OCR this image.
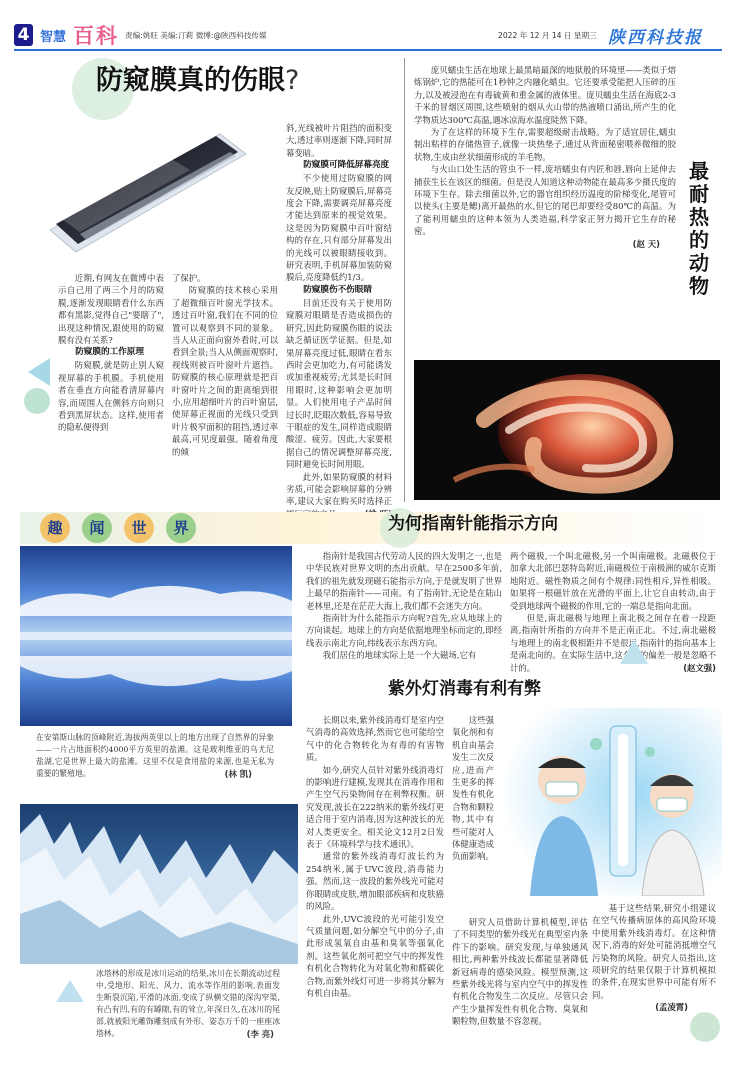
4 智慧 百科 责编:姚旺 美编:汀莉 微博:@陕西科技传媒	2022 年 12 月 14 日 星期三 陕西科技报
防窥膜真的伤眼?

近期,有网友在微博中表示自己用了两三个月的防窥膜,逐渐发现眼睛看什么东西都有黑影,觉得自己"要瞎了",出现这种情况,跟使用的防窥膜有没有关系?

防窥膜的工作原理

防窥膜,就是防止别人窥视屏幕的手机膜。手机使用者在垂直方向能看清屏幕内容,而周围人在侧斜方向则只看到黑屏状态。这样,使用者的隐私便得到

了保护。

防窥膜的技术核心采用了超微细百叶窗光学技术。透过百叶窗,我们在不同的位置可以观察到不同的景象。当人从正面向窗外看时,可以看到全景;当人从侧面观察时,视线则被百叶窗叶片遮挡。防窥膜的核心原理就是把百叶窗叶片之间的距离缩到很小,应用超细叶片的百叶窗层,使屏幕正视面的光线只受到叶片极窄面积的阻挡,透过率最高,可见度最强。随着角度的倾

斜,光线被叶片阻挡的面积变大,透过率则逐渐下降,同时屏幕变暗。
防窥膜可降低屏幕亮度

不少使用过防窥膜的网友反映,贴上防窥膜后,屏幕亮度会下降,需要调亮屏幕亮度才能达到原来的视觉效果。这是因为防窥膜中百叶窗结构的存在,只有部分屏幕发出的光线可以被眼睛接收到。研究表明,手机屏幕加装防窥膜后,亮度降低约1/3。

防窥膜伤不伤眼睛

目前还没有关于使用防窥膜对眼睛是否造成损伤的研究,因此防窥膜伤眼的说法缺乏循证医学证据。但是,如果屏幕亮度过低,眼睛在看东西时会更加吃力,有可能诱发或加重视疲劳;尤其是长时间用眼时,这种影响会更加明显。人们使用电子产品时间过长时,眨眼次数低,容易导致干眼症的发生,同样造成眼睛酸涩、疲劳。因此,大家要根据自己的情况调整屏幕亮度,同时避免长时间用眼。

此外,如果防窥膜的材料劣质,可能会影响屏幕的分辨率,建议大家在购买时选择正

庞贝蠕虫生活在地球上最黑暗最深的地狱般的环境里——类似于熔炼锅炉,它的热能可在1秒钟之内融化蜡虫。它还要承受能把人压碎的压力,以及被浸泡在有毒硫黄和重金属的液体里。庞贝蠕虫生活在海底2-3千米的冒烟区周围,这些喷射的烟从火山带的热液喷口涌出,所产生的化学物质达300℃高温,遇冰凉海水温度陡然下降。

为了在这样的环境下生存,需要超级耐击战略。为了适宜居住,蠕虫制出粘样的存储热管子,就像一块热垫子,通过从背面秘密喂养微细的胶状物,生成由丝状细菌形成的羊毛物。

与火山口处生活的管虫不一样,庞培蠕虫有内匠和唇,唇向上延伸去捕获生长在该区的细菌。但是没人知道这种动物能在最高多少摄氏度的环境下生存。除去细菌以外,它的器官组织经历温度的阶梯变化,尾管可以使头(主要是鳃)离开最热的水,但它的尾巴却要经受80℃的高温。为了能利用蠕虫的这种本领为人类造福,科学家正努力揭开它生存的秘密。

(赵 天)
最耐热的动物
趣	闻	世	界
在安第斯山脉的顶峰附近,海拔两英里以上的地方出现了自然界的异象——一片占地面积约4000平方英里的盐滩。这是玻利维亚的乌尤尼盐湖,它是世界上最大的盐滩。这里不仅是食用盐的来源,也是无私为重要的繁殖地。	(林 凯)
为何指南针能指示方向

指南针是我国古代劳动人民的四大发明之一,也是中华民族对世界文明的杰出贡献。早在2500多年前,我们的祖先就发现磁石能指示方向,于是就发明了世界上最早的指南针——司南。有了指南针,无论是在陆山老林里,还是在茫茫大海上,我们都不会迷失方向。

指南针为什么能指示方向呢?首先,应从地球上的方向谈起。地球上的方向是依据地理坐标而定的,即经线表示南北方向,纬线表示东西方向。

我们居住的地球实际上是一个大磁场,它有

两个磁极,一个叫北磁极,另一个叫南磁极。北磁极位于加拿大北部巴瑟特岛附近,南磁极位于南极洲的威尔克斯地附近。磁性物质之间有个规律:同性相斥,异性相吸。如果将一根磁针放在光滑的平面上,让它自由转动,由于受到地球两个磁极的作用,它的一端总是指向北面。

但是,南北磁极与地理上南北极之间存在着一段距离,指南针所指的方向并不是正南正北。不过,南北磁极与地理上的南北极相距并不是很远,指南针的指向基本上是南北向的。在实际生活中,这么小的偏差一般是忽略不计的。	(赵文强)
紫外灯消毒有利有弊

长期以来,紫外线消毒灯是室内空气消毒的高效选择,然而它也可能给空气中的化合物转化为有毒的有害物质。

如今,研究人员针对紫外线消毒灯的影响进行建模,发现其在消毒作用和产生空气污染物间存在利弊权衡。研究发现,波长在222纳米的紫外线灯更适合用于室内消毒,因为这种波长的光对人类更安全。相关论文12月2日发表于《环境科学与技术通讯》。

通常的紫外线消毒灯波长约为254纳米,属于UVC波段,消毒能力强。然而,这一波段的紫外线光可能对你眼睛或皮肤,增加眼部疾病和皮肤癌的风险。

此外,UVC波段的光可能引发空气质量问题,如分解空气中的分子,由此形成氢氧自由基和臭氧等强氧化剂。这些氧化剂可把空气中的挥发性有机化合物转化为对氧化物和醛碳化合物,而紫外线灯可进一步将其分解为有机自由基。

这些强氧化剂和有机自由基会发生二次反应,进而产生更多的挥发性有机化合物和颗粒物,其中有些可能对人体健康造成负面影响。

研究人员借助计算机模型,评估了不同类型的紫外线光在典型室内条件下的影响。研究发现,与单独通风相比,两种紫外线波长都能显著降低新冠病毒的感染风险。模型预测,这些紫外线光将与室内空气中的挥发性有机化合物发生二次反应。尽管只会产生少量挥发性有机化合物、臭氧和颗粒物,但数量不容忽视。

基于这些结果,研究小组建议在空气传播病原体的高风险环境中使用紫外线消毒灯。在这种情况下,消毒的好处可能消抵增空气污染物的风险。研究人员指出,这项研究的结果仅限于计算机模拟的条件,在现实世界中可能有所不同。

(孟凌霄)
冰塔林的形成是冰川运动的结果,冰川在长期流动过程中,受地形、阳光、风力、流水等作用的影响,表面发生断裂沉陷,平滑的冰面,变成了纵横交错的深沟窄渠,有凸有凹,有的有罅隙,有的耸立,年深日久,在冰川的尾部,就被阳光雕饰雕刻成有外形、姿态万千的一座座冰塔林。	(李 亮)
